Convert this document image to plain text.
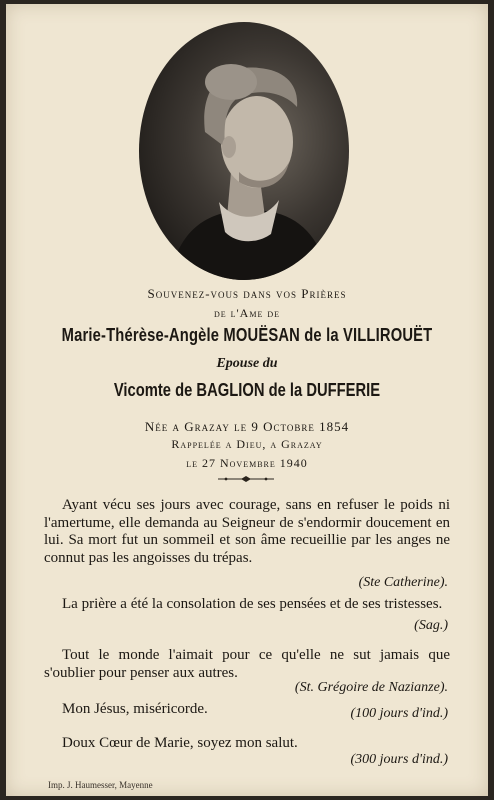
Souvenez-vous dans vos Prières
de l'Ame de
Marie-Thérèse-Angèle MOUËSAN de la VILLIROUËT
Epouse du
Vicomte de BAGLION de la DUFFERIE
Née a Grazay le 9 Octobre 1854
Rappelée a Dieu, a Grazay
le 27 Novembre 1940
Ayant vécu ses jours avec courage, sans en refuser le poids ni l'amertume, elle demanda au Seigneur de s'endormir doucement en lui. Sa mort fut un sommeil et son âme recueillie par les anges ne connut pas les angoisses du trépas.
(Ste Catherine).
La prière a été la consolation de ses pensées et de ses tristesses.
(Sag.)
Tout le monde l'aimait pour ce qu'elle ne sut jamais que s'oublier pour penser aux autres.
(St. Grégoire de Nazianze).
Mon Jésus, miséricorde.	(100 jours d'ind.)
Doux Cœur de Marie, soyez mon salut.
(300 jours d'ind.)
Imp. J. Haumesser, Mayenne
